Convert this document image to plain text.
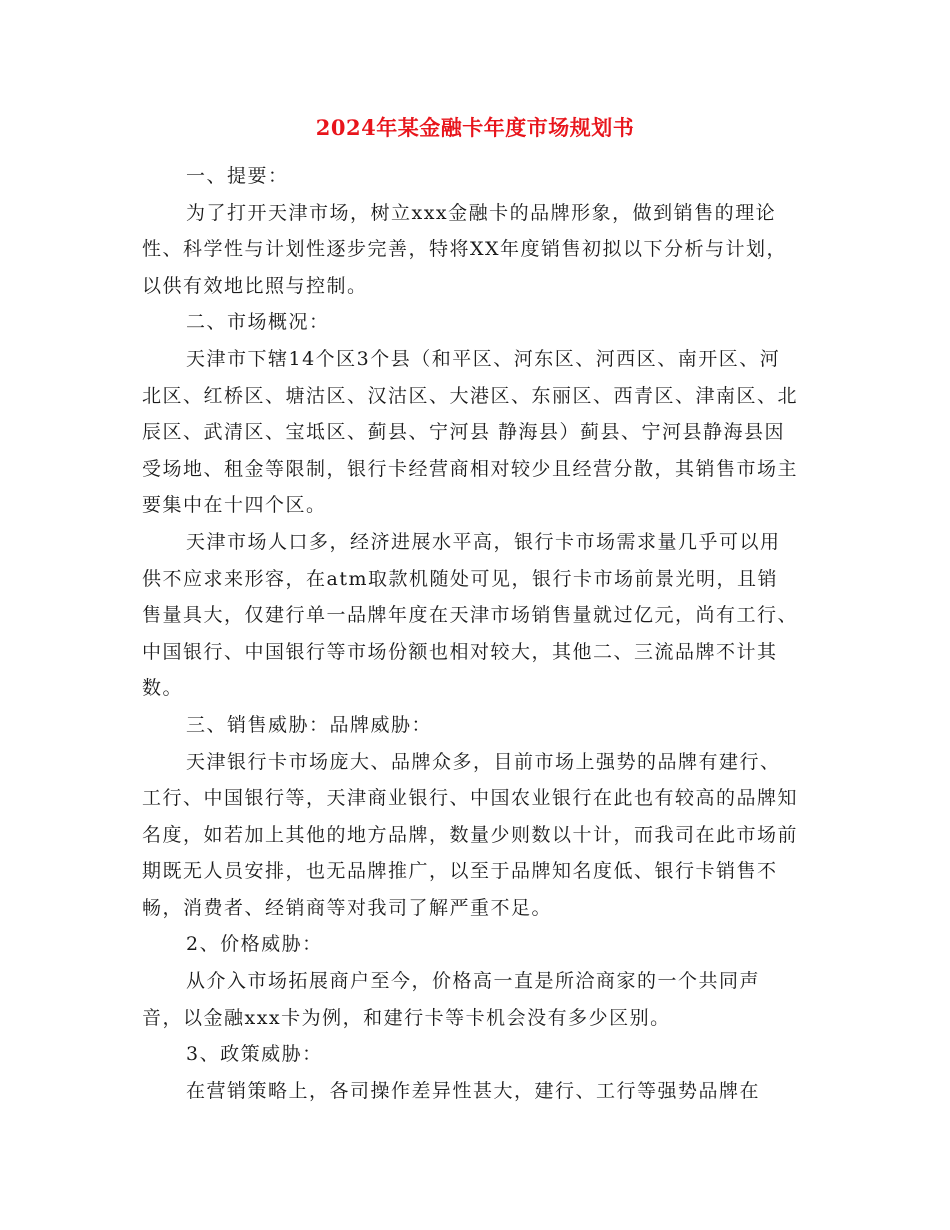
2024年某金融卡年度市场规划书

一、提要：

为了打开天津市场，树立xxx金融卡的品牌形象，做到销售的理论性、科学性与计划性逐步完善，特将XX年度销售初拟以下分析与计划，以供有效地比照与控制。

二、市场概况：

天津市下辖14个区3个县（和平区、河东区、河西区、南开区、河北区、红桥区、塘沽区、汉沽区、大港区、东丽区、西青区、津南区、北辰区、武清区、宝坻区、蓟县、宁河县 静海县）蓟县、宁河县静海县因受场地、租金等限制，银行卡经营商相对较少且经营分散，其销售市场主要集中在十四个区。

天津市场人口多，经济进展水平高，银行卡市场需求量几乎可以用供不应求来形容，在atm取款机随处可见，银行卡市场前景光明，且销售量具大，仅建行单一品牌年度在天津市场销售量就过亿元，尚有工行、中国银行、中国银行等市场份额也相对较大，其他二、三流品牌不计其数。

三、销售威胁：品牌威胁：

天津银行卡市场庞大、品牌众多，目前市场上强势的品牌有建行、工行、中国银行等，天津商业银行、中国农业银行在此也有较高的品牌知名度，如若加上其他的地方品牌，数量少则数以十计，而我司在此市场前期既无人员安排，也无品牌推广，以至于品牌知名度低、银行卡销售不畅，消费者、经销商等对我司了解严重不足。

2、价格威胁：

从介入市场拓展商户至今，价格高一直是所洽商家的一个共同声音，以金融xxx卡为例，和建行卡等卡机会没有多少区别。

3、政策威胁：

在营销策略上，各司操作差异性甚大，建行、工行等强势品牌在
